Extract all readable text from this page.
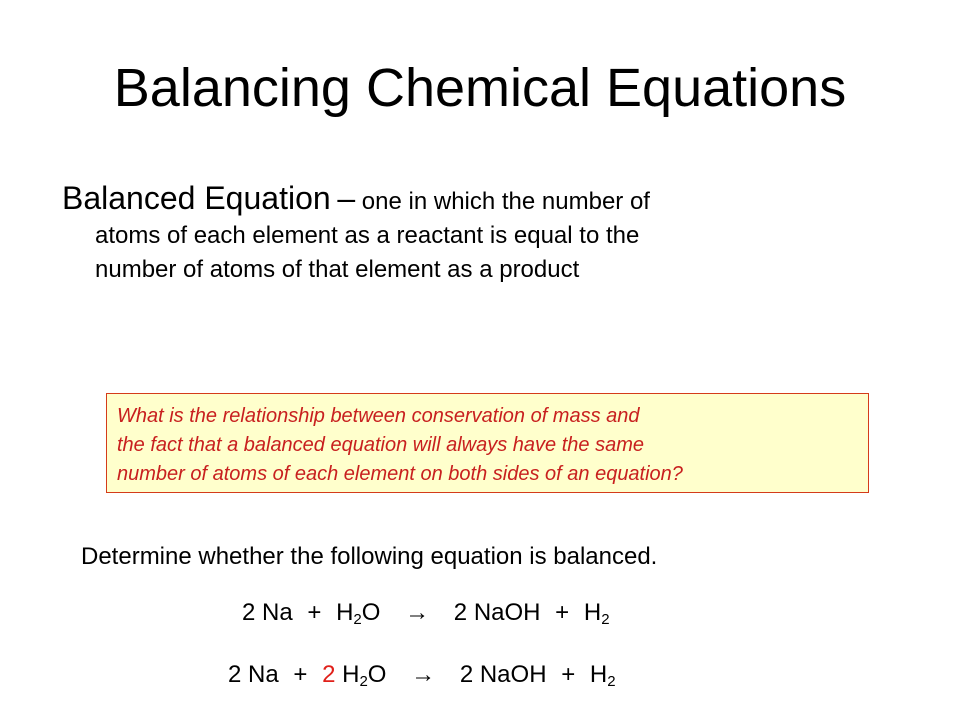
Balancing Chemical Equations
Balanced Equation – one in which the number of
atoms of each element as a reactant is equal to the
number of atoms of that element as a product
What is the relationship between conservation of mass and
the fact that a balanced equation will always have the same
number of atoms of each element on both sides of an equation?
Determine whether the following equation is balanced.
2 $Na + H_2O \to 2$ NaOH + $H_2$
2 Na + 2 $H_2O \to 2$ NaOH + $H_2$
